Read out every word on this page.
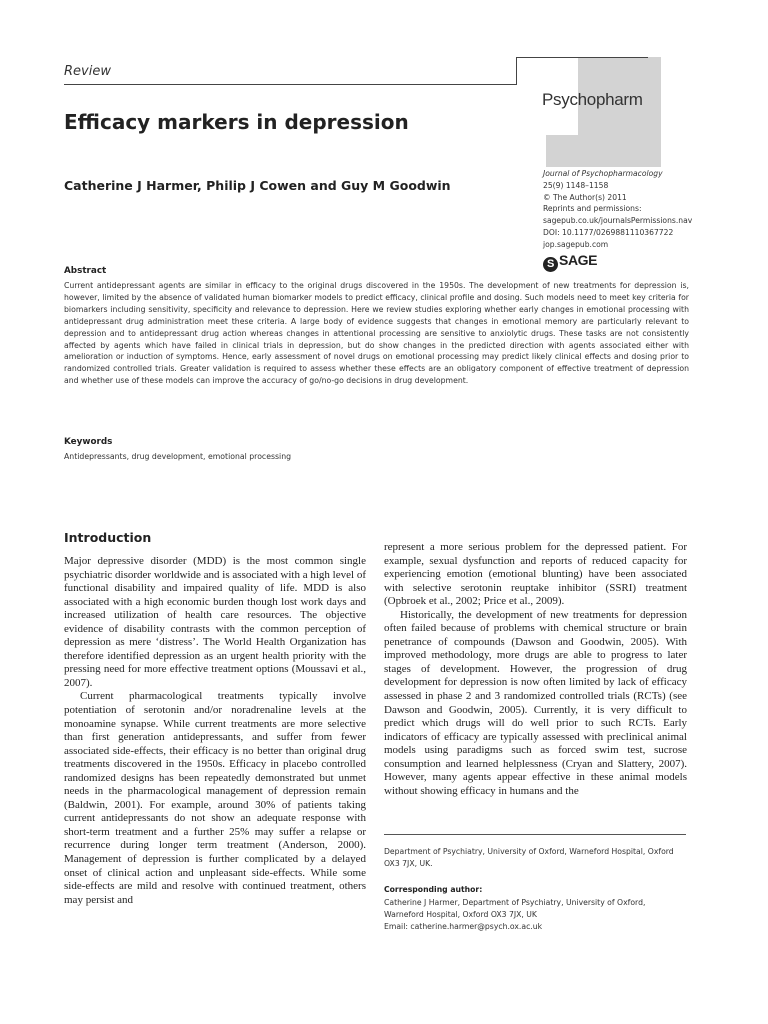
Review
Psychopharm
Efficacy markers in depression
Catherine J Harmer, Philip J Cowen and Guy M Goodwin
Journal of Psychopharmacology
25(9) 1148–1158
© The Author(s) 2011
Reprints and permissions:
sagepub.co.uk/journalsPermissions.nav
DOI: 10.1177/0269881110367722
jop.sagepub.com
S SAGE
Abstract
Current antidepressant agents are similar in efficacy to the original drugs discovered in the 1950s. The development of new treatments for depression is, however, limited by the absence of validated human biomarker models to predict efficacy, clinical profile and dosing. Such models need to meet key criteria for biomarkers including sensitivity, specificity and relevance to depression. Here we review studies exploring whether early changes in emotional processing with antidepressant drug administration meet these criteria. A large body of evidence suggests that changes in emotional memory are particularly relevant to depression and to antidepressant drug action whereas changes in attentional processing are sensitive to anxiolytic drugs. These tasks are not consistently affected by agents which have failed in clinical trials in depression, but do show changes in the predicted direction with agents associated either with amelioration or induction of symptoms. Hence, early assessment of novel drugs on emotional processing may predict likely clinical effects and dosing prior to randomized controlled trials. Greater validation is required to assess whether these effects are an obligatory component of effective treatment of depression and whether use of these models can improve the accuracy of go/no-go decisions in drug development.
Keywords
Antidepressants, drug development, emotional processing
Introduction

Major depressive disorder (MDD) is the most common single psychiatric disorder worldwide and is associated with a high level of functional disability and impaired quality of life. MDD is also associated with a high economic burden though lost work days and increased utilization of health care resources. The objective evidence of disability contrasts with the common perception of depression as mere ‘distress’. The World Health Organization has therefore identified depression as an urgent health priority with the pressing need for more effective treatment options (Moussavi et al., 2007).

Current pharmacological treatments typically involve potentiation of serotonin and/or noradrenaline levels at the monoamine synapse. While current treatments are more selective than first generation antidepressants, and suffer from fewer associated side-effects, their efficacy is no better than original drug treatments discovered in the 1950s. Efficacy in placebo controlled randomized designs has been repeatedly demonstrated but unmet needs in the pharmacological management of depression remain (Baldwin, 2001). For example, around 30% of patients taking current antidepressants do not show an adequate response with short-term treatment and a further 25% may suffer a relapse or recurrence during longer term treatment (Anderson, 2000). Management of depression is further complicated by a delayed onset of clinical action and unpleasant side-effects. While some side-effects are mild and resolve with continued treatment, others may persist and

represent a more serious problem for the depressed patient. For example, sexual dysfunction and reports of reduced capacity for experiencing emotion (emotional blunting) have been associated with selective serotonin reuptake inhibitor (SSRI) treatment (Opbroek et al., 2002; Price et al., 2009).

Historically, the development of new treatments for depression often failed because of problems with chemical structure or brain penetrance of compounds (Dawson and Goodwin, 2005). With improved methodology, more drugs are able to progress to later stages of development. However, the progression of drug development for depression is now often limited by lack of efficacy assessed in phase 2 and 3 randomized controlled trials (RCTs) (see Dawson and Goodwin, 2005). Currently, it is very difficult to predict which drugs will do well prior to such RCTs. Early indicators of efficacy are typically assessed with preclinical animal models using paradigms such as forced swim test, sucrose consumption and learned helplessness (Cryan and Slattery, 2007). However, many agents appear effective in these animal models without showing efficacy in humans and the

Department of Psychiatry, University of Oxford, Warneford Hospital, Oxford OX3 7JX, UK.
Corresponding author:
Catherine J Harmer, Department of Psychiatry, University of Oxford,
Warneford Hospital, Oxford OX3 7JX, UK
Email: catherine.harmer@psych.ox.ac.uk
